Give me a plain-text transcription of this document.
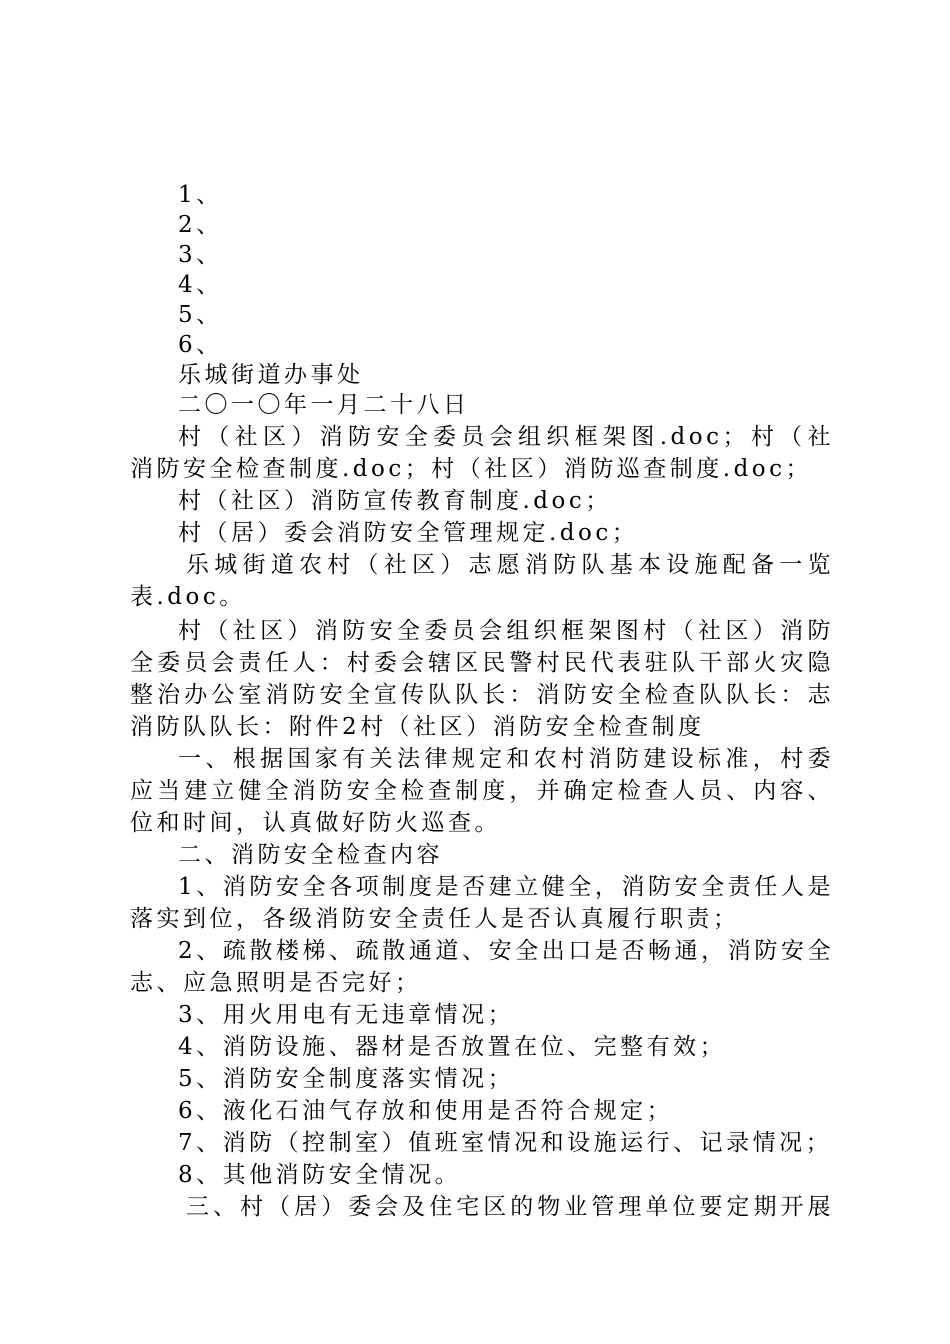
1、
2、
3、
4、
5、
6、
乐城街道办事处
二〇一〇年一月二十八日
村（社区）消防安全委员会组织框架图.doc；村（社
消防安全检查制度.doc；村（社区）消防巡查制度.doc；
村（社区）消防宣传教育制度.doc；
村（居）委会消防安全管理规定.doc；
乐城街道农村（社区）志愿消防队基本设施配备一览
表.doc。
村（社区）消防安全委员会组织框架图村（社区）消防
全委员会责任人：村委会辖区民警村民代表驻队干部火灾隐
整治办公室消防安全宣传队队长：消防安全检查队队长：志
消防队队长：附件2村（社区）消防安全检查制度
一、根据国家有关法律规定和农村消防建设标准，村委
应当建立健全消防安全检查制度，并确定检查人员、内容、
位和时间，认真做好防火巡查。
二、消防安全检查内容
1、消防安全各项制度是否建立健全，消防安全责任人是
落实到位，各级消防安全责任人是否认真履行职责；
2、疏散楼梯、疏散通道、安全出口是否畅通，消防安全
志、应急照明是否完好；
3、用火用电有无违章情况；
4、消防设施、器材是否放置在位、完整有效；
5、消防安全制度落实情况；
6、液化石油气存放和使用是否符合规定；
7、消防（控制室）值班室情况和设施运行、记录情况；
8、其他消防安全情况。
三、村（居）委会及住宅区的物业管理单位要定期开展
